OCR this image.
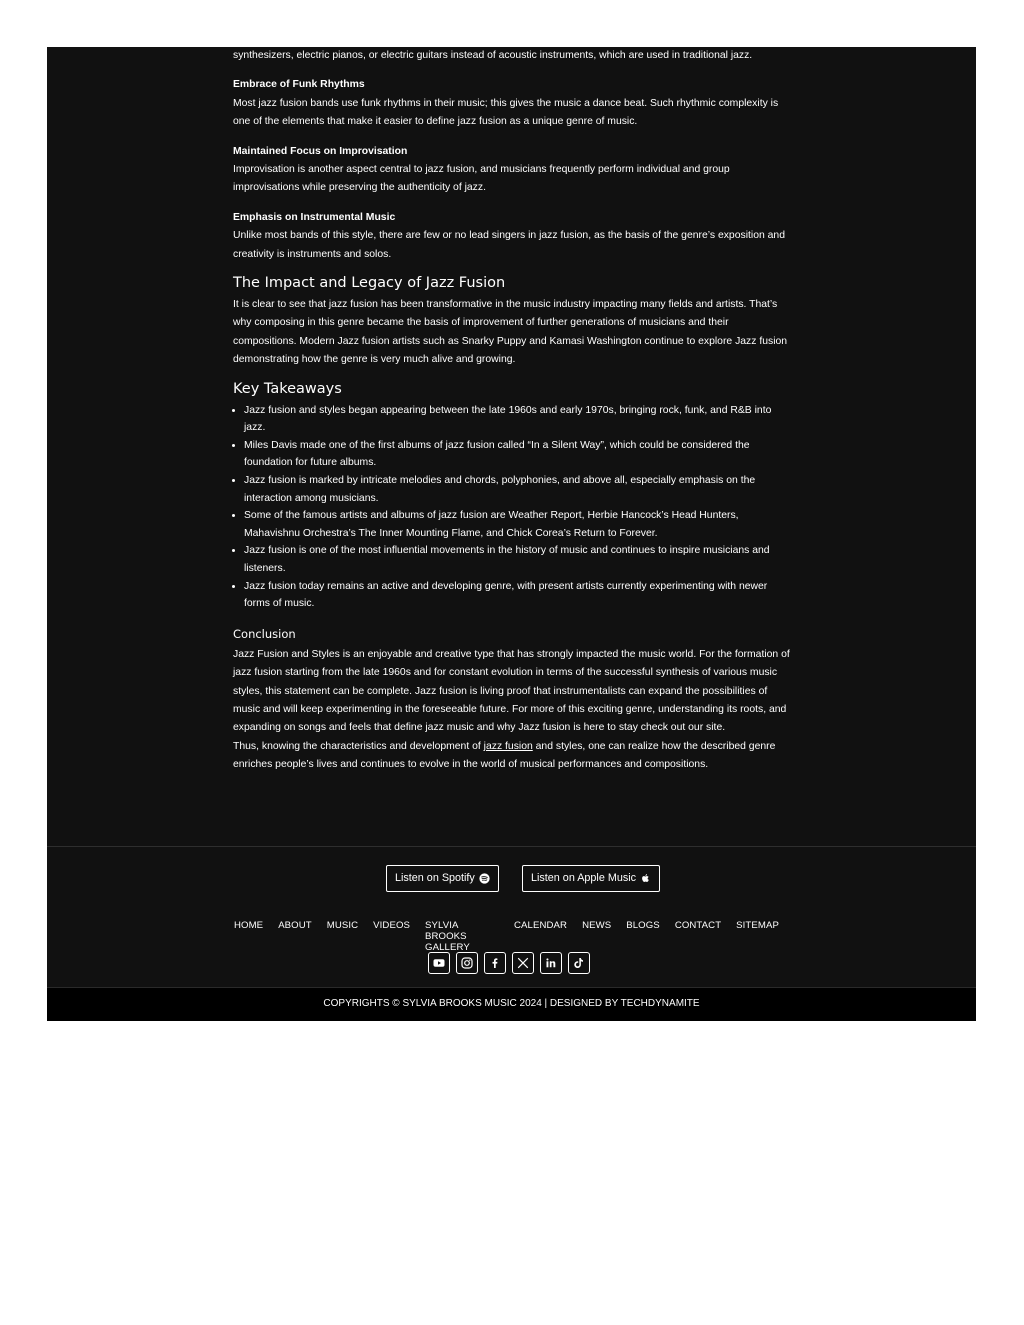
synthesizers, electric pianos, or electric guitars instead of acoustic instruments, which are used in traditional jazz.

Embrace of Funk Rhythms

Most jazz fusion bands use funk rhythms in their music; this gives the music a dance beat. Such rhythmic complexity is one of the elements that make it easier to define jazz fusion as a unique genre of music.

Maintained Focus on Improvisation

Improvisation is another aspect central to jazz fusion, and musicians frequently perform individual and group improvisations while preserving the authenticity of jazz.

Emphasis on Instrumental Music

Unlike most bands of this style, there are few or no lead singers in jazz fusion, as the basis of the genre’s exposition and creativity is instruments and solos.

The Impact and Legacy of Jazz Fusion

It is clear to see that jazz fusion has been transformative in the music industry impacting many fields and artists. That’s why composing in this genre became the basis of improvement of further generations of musicians and their compositions. Modern Jazz fusion artists such as Snarky Puppy and Kamasi Washington continue to explore Jazz fusion demonstrating how the genre is very much alive and growing.

Key Takeaways
• Jazz fusion and styles began appearing between the late 1960s and early 1970s, bringing rock, funk, and R&B into jazz.
• Miles Davis made one of the first albums of jazz fusion called “In a Silent Way”, which could be considered the foundation for future albums.
• Jazz fusion is marked by intricate melodies and chords, polyphonies, and above all, especially emphasis on the interaction among musicians.
• Some of the famous artists and albums of jazz fusion are Weather Report, Herbie Hancock’s Head Hunters, Mahavishnu Orchestra’s The Inner Mounting Flame, and Chick Corea’s Return to Forever.
• Jazz fusion is one of the most influential movements in the history of music and continues to inspire musicians and listeners.
• Jazz fusion today remains an active and developing genre, with present artists currently experimenting with newer forms of music.
Conclusion

Jazz Fusion and Styles is an enjoyable and creative type that has strongly impacted the music world. For the formation of jazz fusion starting from the late 1960s and for constant evolution in terms of the successful synthesis of various music styles, this statement can be complete. Jazz fusion is living proof that instrumentalists can expand the possibilities of music and will keep experimenting in the foreseeable future. For more of this exciting genre, understanding its roots, and expanding on songs and feels that define jazz music and why Jazz fusion is here to stay check out our site.

Thus, knowing the characteristics and development of jazz fusion and styles, one can realize how the described genre enriches people’s lives and continues to evolve in the world of musical performances and compositions.

Listen on Spotify	Listen on Apple Music
HOME ABOUT MUSIC VIDEOS SYLVIA BROOKS GALLERY
CALENDAR NEWS BLOGS CONTACT SITEMAP
COPYRIGHTS © SYLVIA BROOKS MUSIC 2024 | DESIGNED BY TECHDYNAMITE
